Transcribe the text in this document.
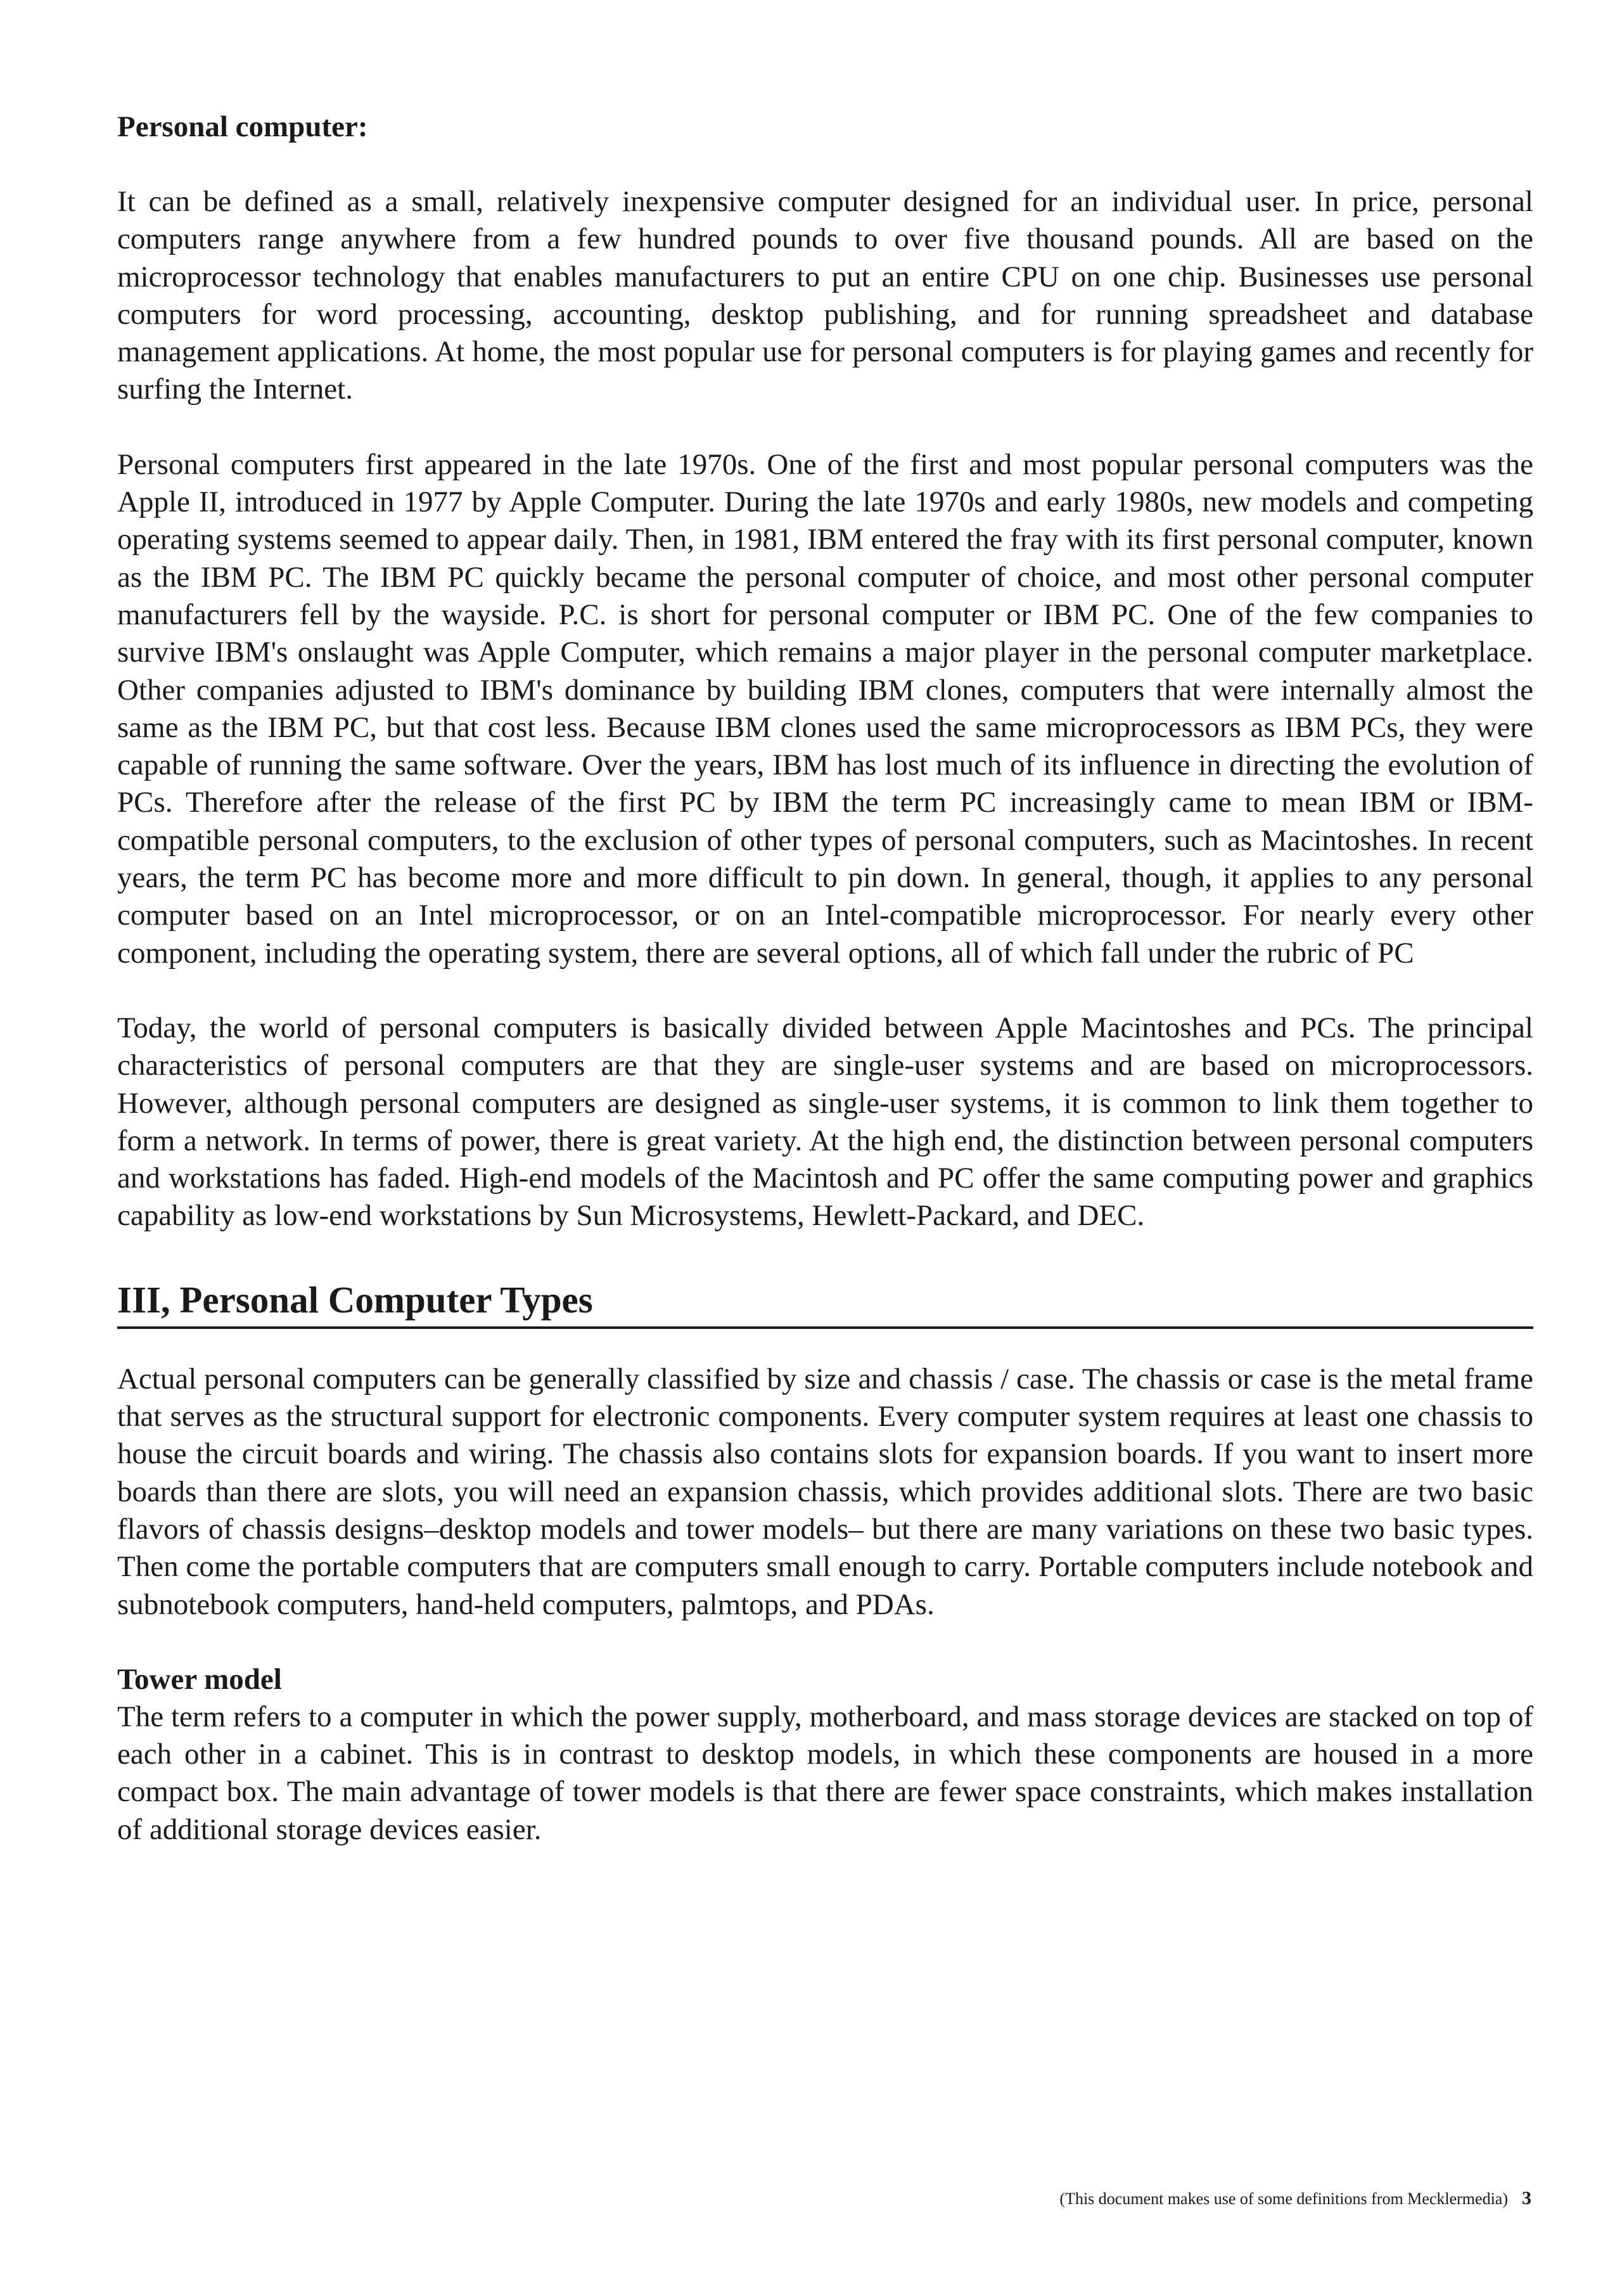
Personal computer:

It can be defined as a small, relatively inexpensive computer designed for an individual user. In price, personal computers range anywhere from a few hundred pounds to over five thousand pounds. All are based on the microprocessor technology that enables manufacturers to put an entire CPU on one chip. Businesses use personal computers for word processing, accounting, desktop publishing, and for running spreadsheet and database management applications. At home, the most popular use for personal computers is for playing games and recently for surfing the Internet.

Personal computers first appeared in the late 1970s. One of the first and most popular personal computers was the Apple II, introduced in 1977 by Apple Computer. During the late 1970s and early 1980s, new models and competing operating systems seemed to appear daily. Then, in 1981, IBM entered the fray with its first personal computer, known as the IBM PC. The IBM PC quickly became the personal computer of choice, and most other personal computer manufacturers fell by the wayside. P.C. is short for personal computer or IBM PC. One of the few companies to survive IBM's onslaught was Apple Computer, which remains a major player in the personal computer marketplace. Other companies adjusted to IBM's dominance by building IBM clones, computers that were internally almost the same as the IBM PC, but that cost less. Because IBM clones used the same microprocessors as IBM PCs, they were capable of running the same software. Over the years, IBM has lost much of its influence in directing the evolution of PCs. Therefore after the release of the first PC by IBM the term PC increasingly came to mean IBM or IBM-compatible personal computers, to the exclusion of other types of personal computers, such as Macintoshes. In recent years, the term PC has become more and more difficult to pin down. In general, though, it applies to any personal computer based on an Intel microprocessor, or on an Intel-compatible microprocessor. For nearly every other component, including the operating system, there are several options, all of which fall under the rubric of PC

Today, the world of personal computers is basically divided between Apple Macintoshes and PCs. The principal characteristics of personal computers are that they are single-user systems and are based on microprocessors. However, although personal computers are designed as single-user systems, it is common to link them together to form a network. In terms of power, there is great variety. At the high end, the distinction between personal computers and workstations has faded. High-end models of the Macintosh and PC offer the same computing power and graphics capability as low-end workstations by Sun Microsystems, Hewlett-Packard, and DEC.

III, Personal Computer Types

Actual personal computers can be generally classified by size and chassis / case. The chassis or case is the metal frame that serves as the structural support for electronic components. Every computer system requires at least one chassis to house the circuit boards and wiring. The chassis also contains slots for expansion boards. If you want to insert more boards than there are slots, you will need an expansion chassis, which provides additional slots. There are two basic flavors of chassis designs–desktop models and tower models– but there are many variations on these two basic types. Then come the portable computers that are computers small enough to carry. Portable computers include notebook and subnotebook computers, hand-held computers, palmtops, and PDAs.

Tower model

The term refers to a computer in which the power supply, motherboard, and mass storage devices are stacked on top of each other in a cabinet. This is in contrast to desktop models, in which these components are housed in a more compact box. The main advantage of tower models is that there are fewer space constraints, which makes installation of additional storage devices easier.

(This document makes use of some definitions from Mecklermedia) 3
